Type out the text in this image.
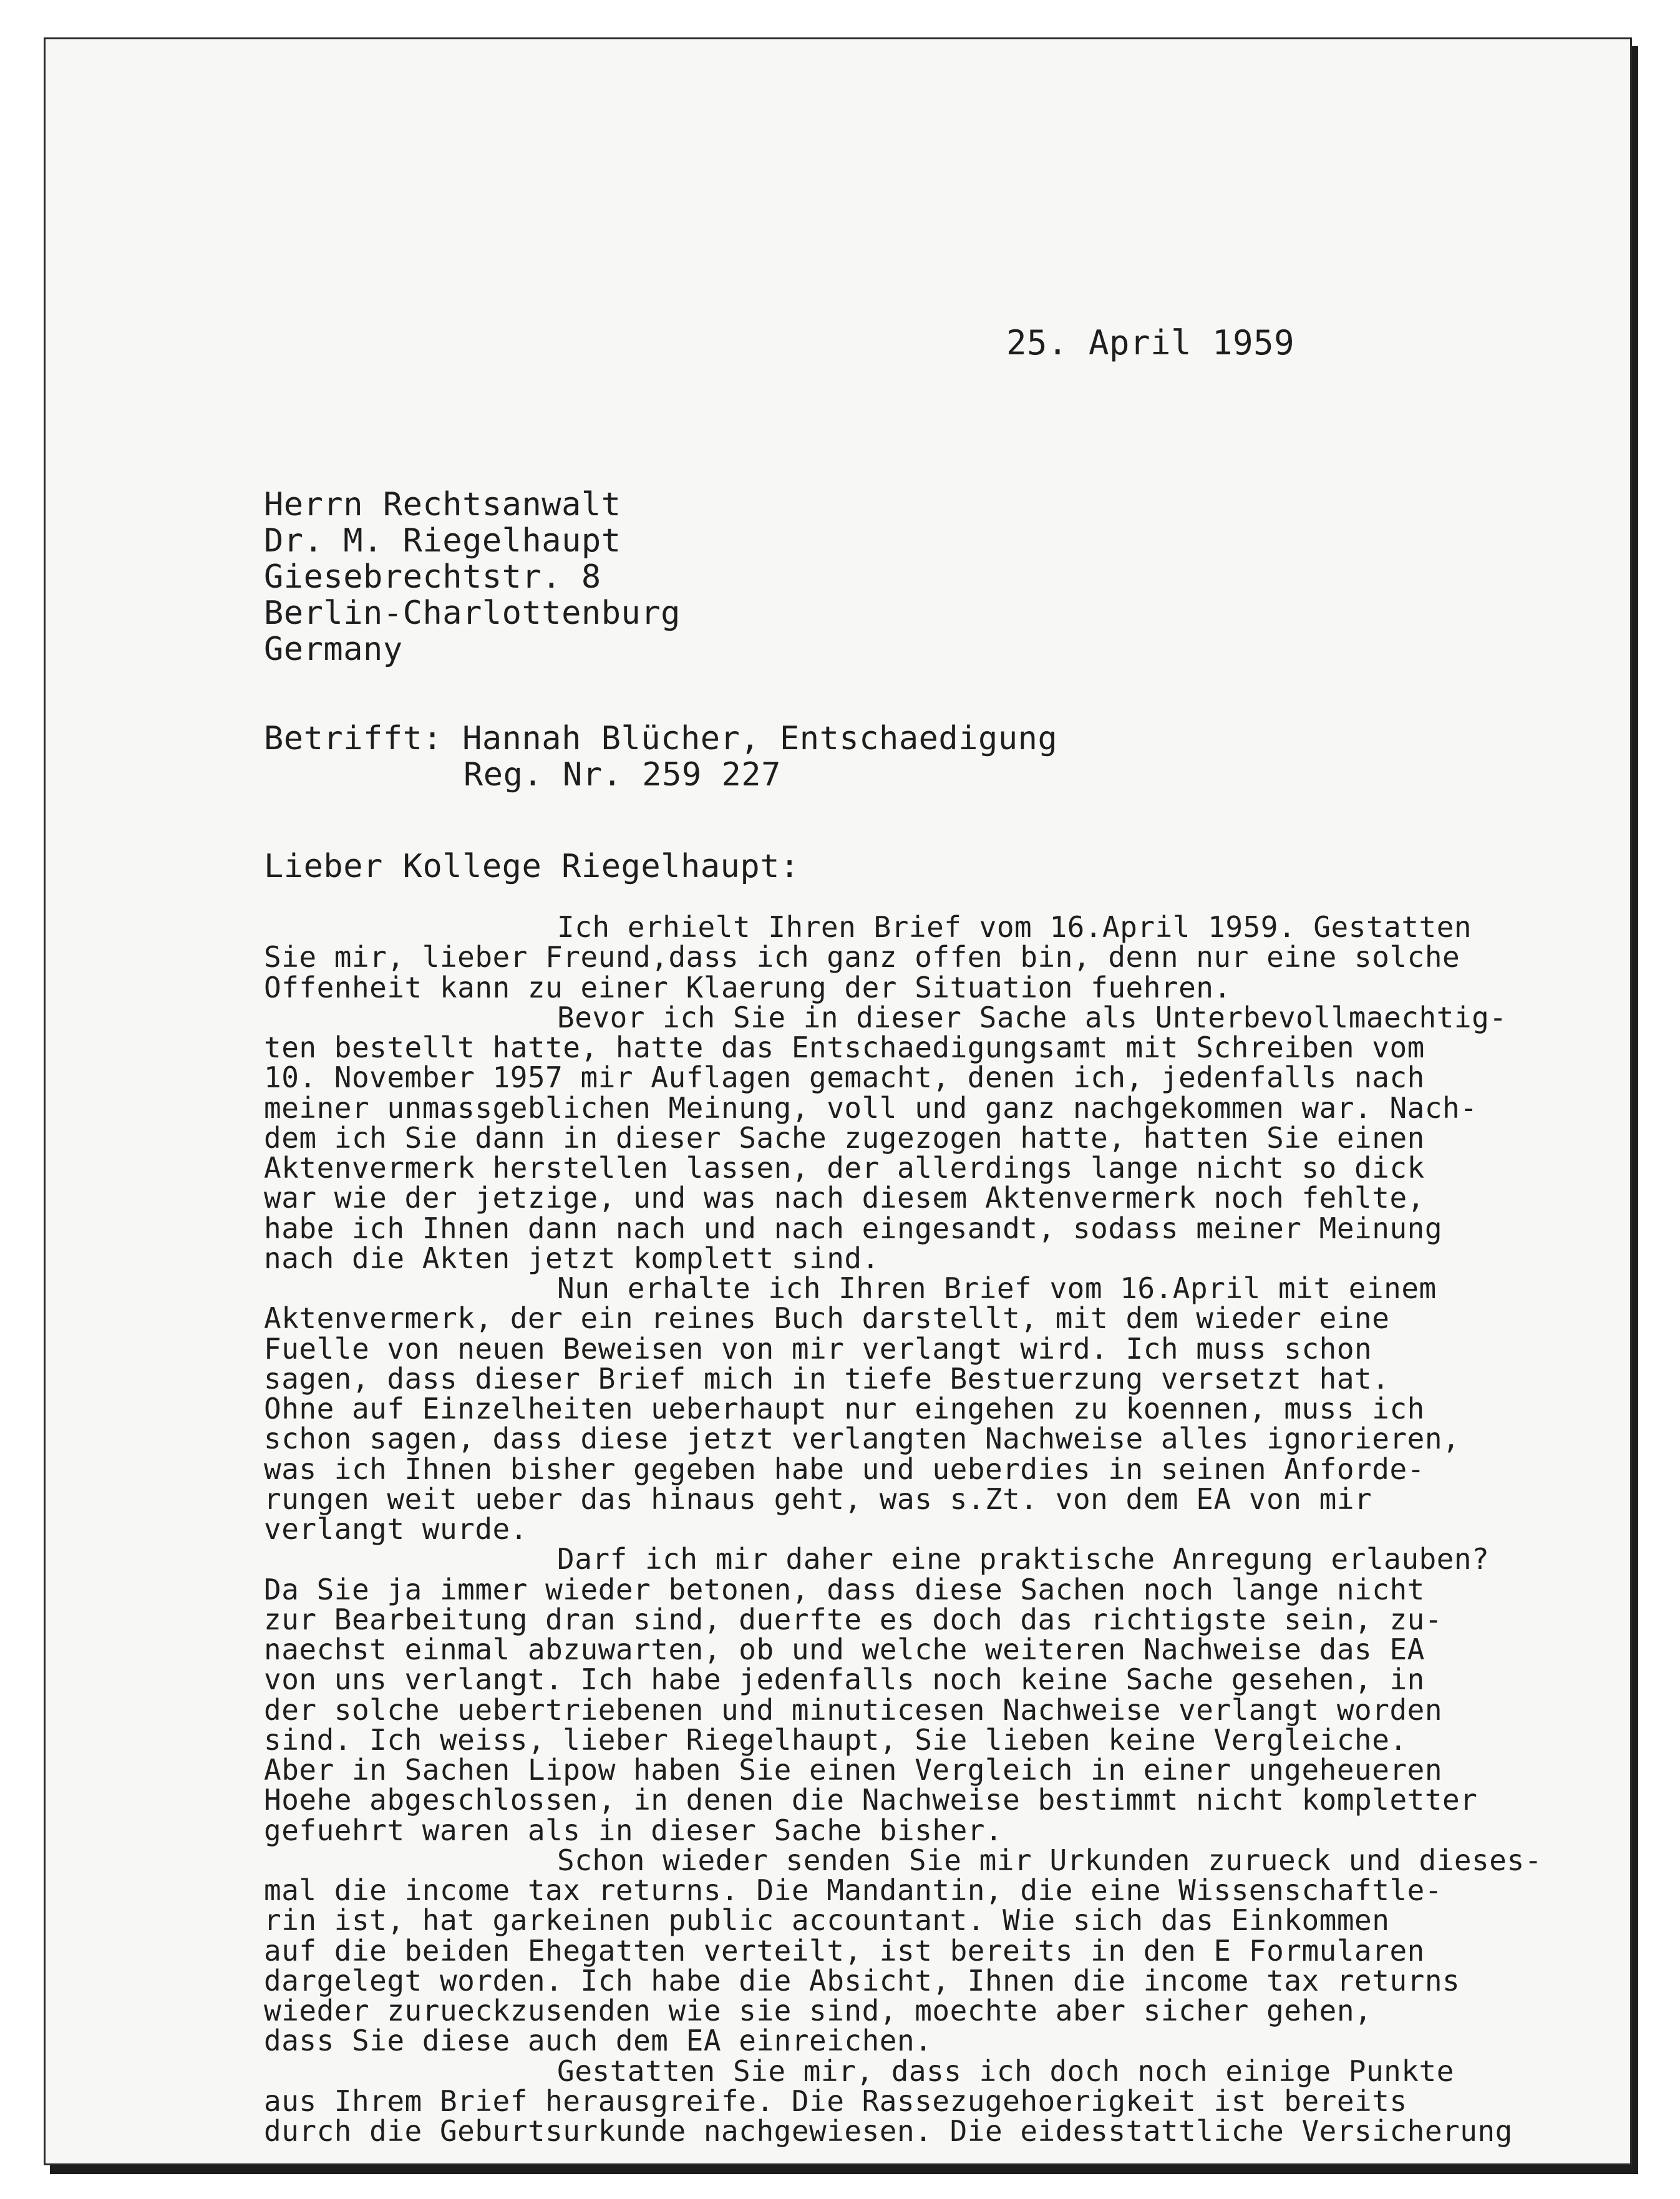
25. April 1959
Herrn Rechtsanwalt
Dr. M. Riegelhaupt
Giesebrechtstr. 8
Berlin-Charlottenburg
Germany
Betrifft: Hannah Blücher, Entschaedigung
Reg. Nr. 259 227
Lieber Kollege Riegelhaupt:
Ich erhielt Ihren Brief vom 16.April 1959. Gestatten
Sie mir, lieber Freund,dass ich ganz offen bin, denn nur eine solche
Offenheit kann zu einer Klaerung der Situation fuehren.
Bevor ich Sie in dieser Sache als Unterbevollmaechtig-
ten bestellt hatte, hatte das Entschaedigungsamt mit Schreiben vom
10. November 1957 mir Auflagen gemacht, denen ich, jedenfalls nach
meiner unmassgeblichen Meinung, voll und ganz nachgekommen war. Nach-
dem ich Sie dann in dieser Sache zugezogen hatte, hatten Sie einen
Aktenvermerk herstellen lassen, der allerdings lange nicht so dick
war wie der jetzige, und was nach diesem Aktenvermerk noch fehlte,
habe ich Ihnen dann nach und nach eingesandt, sodass meiner Meinung
nach die Akten jetzt komplett sind.
Nun erhalte ich Ihren Brief vom 16.April mit einem
Aktenvermerk, der ein reines Buch darstellt, mit dem wieder eine
Fuelle von neuen Beweisen von mir verlangt wird. Ich muss schon
sagen, dass dieser Brief mich in tiefe Bestuerzung versetzt hat.
Ohne auf Einzelheiten ueberhaupt nur eingehen zu koennen, muss ich
schon sagen, dass diese jetzt verlangten Nachweise alles ignorieren,
was ich Ihnen bisher gegeben habe und ueberdies in seinen Anforde-
rungen weit ueber das hinaus geht, was s.Zt. von dem EA von mir
verlangt wurde.
Darf ich mir daher eine praktische Anregung erlauben?
Da Sie ja immer wieder betonen, dass diese Sachen noch lange nicht
zur Bearbeitung dran sind, duerfte es doch das richtigste sein, zu-
naechst einmal abzuwarten, ob und welche weiteren Nachweise das EA
von uns verlangt. Ich habe jedenfalls noch keine Sache gesehen, in
der solche uebertriebenen und minuticesen Nachweise verlangt worden
sind. Ich weiss, lieber Riegelhaupt, Sie lieben keine Vergleiche.
Aber in Sachen Lipow haben Sie einen Vergleich in einer ungeheueren
Hoehe abgeschlossen, in denen die Nachweise bestimmt nicht kompletter
gefuehrt waren als in dieser Sache bisher.
Schon wieder senden Sie mir Urkunden zurueck und dieses-
mal die income tax returns. Die Mandantin, die eine Wissenschaftle-
rin ist, hat garkeinen public accountant. Wie sich das Einkommen
auf die beiden Ehegatten verteilt, ist bereits in den E Formularen
dargelegt worden. Ich habe die Absicht, Ihnen die income tax returns
wieder zurueckzusenden wie sie sind, moechte aber sicher gehen,
dass Sie diese auch dem EA einreichen.
Gestatten Sie mir, dass ich doch noch einige Punkte
aus Ihrem Brief herausgreife. Die Rassezugehoerigkeit ist bereits
durch die Geburtsurkunde nachgewiesen. Die eidesstattliche Versicherung
